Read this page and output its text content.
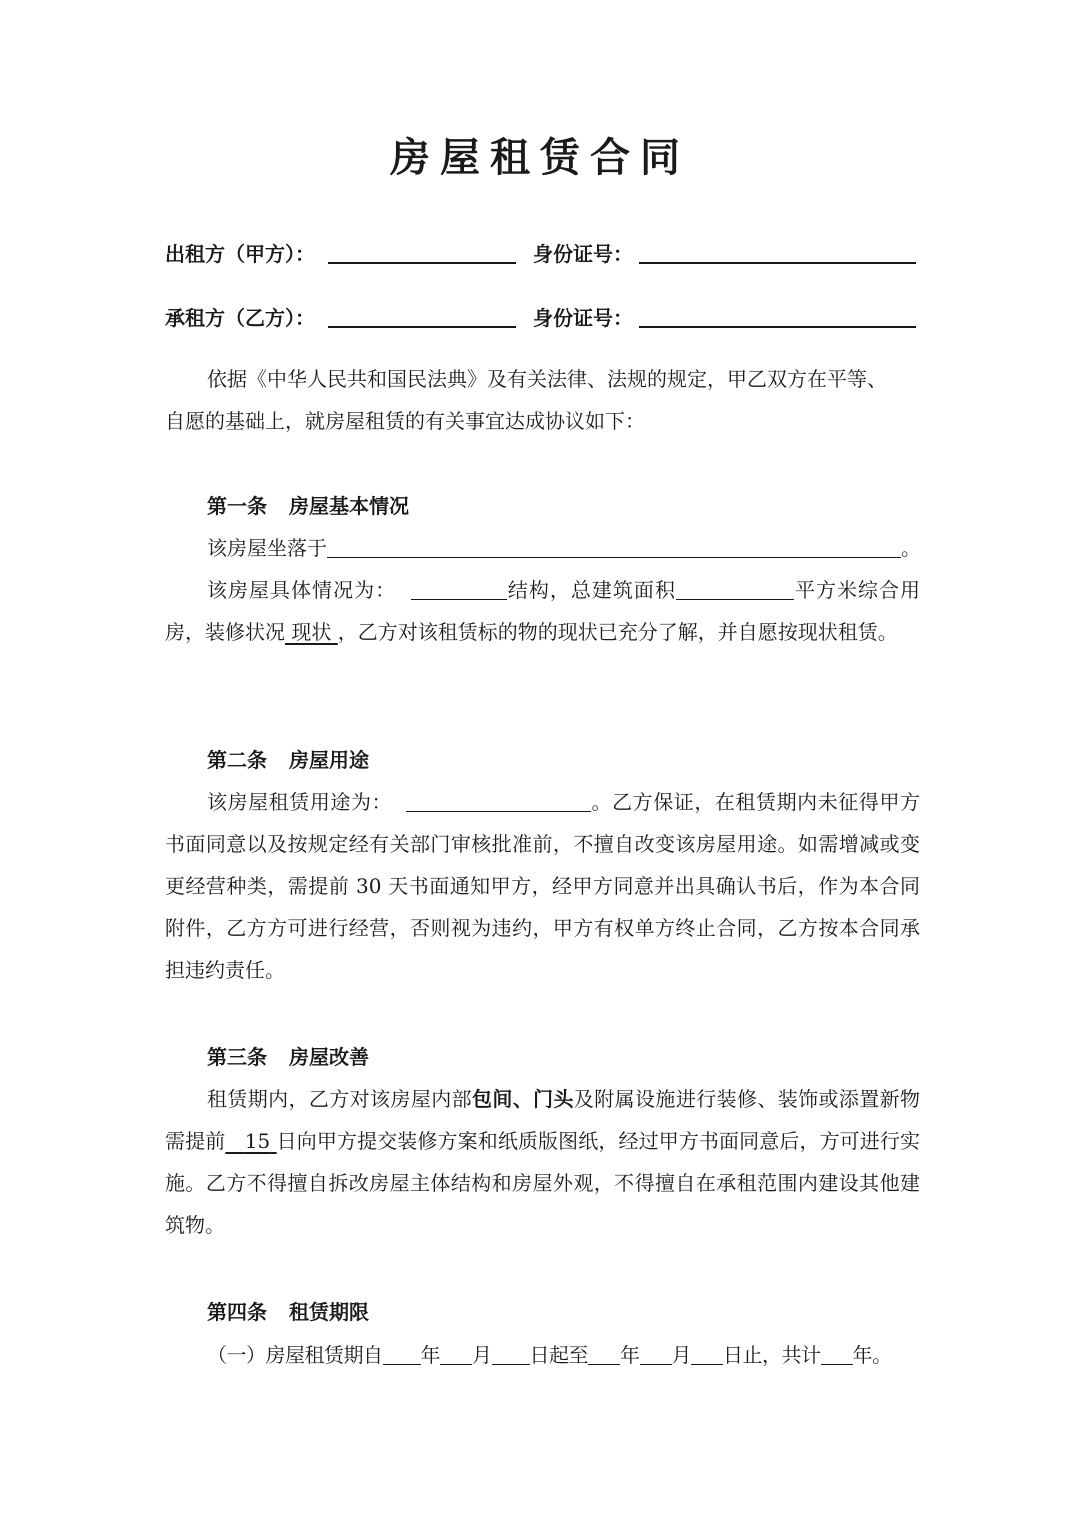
房屋租赁合同
出租方（甲方）：	身份证号：
承租方（乙方）：	身份证号：
依据《中华人民共和国民法典》及有关法律、法规的规定，甲乙双方在平等、
自愿的基础上，就房屋租赁的有关事宜达成协议如下：
第一条 房屋基本情况
该房屋坐落于	。
该房屋具体情况为：	结构，总建筑面积	平方米综合用房，装修状况 现状 ，乙方对该租赁标的物的现状已充分了解，并自愿按现状租赁。
第二条 房屋用途
该房屋租赁用途为：	。乙方保证，在租赁期内未征得甲方书面同意以及按规定经有关部门审核批准前，不擅自改变该房屋用途。如需增减或变更经营种类，需提前 30 天书面通知甲方，经甲方同意并出具确认书后，作为本合同附件，乙方方可进行经营，否则视为违约，甲方有权单方终止合同，乙方按本合同承担违约责任。
第三条 房屋改善
租赁期内，乙方对该房屋内部包间、门头及附属设施进行装修、装饰或添置新物需提前 15 日向甲方提交装修方案和纸质版图纸，经过甲方书面同意后，方可进行实施。乙方不得擅自拆改房屋主体结构和房屋外观，不得擅自在承租范围内建设其他建筑物。
第四条 租赁期限
（一）房屋租赁期自 年 月 日起至 年 月 日止，共计 年。
